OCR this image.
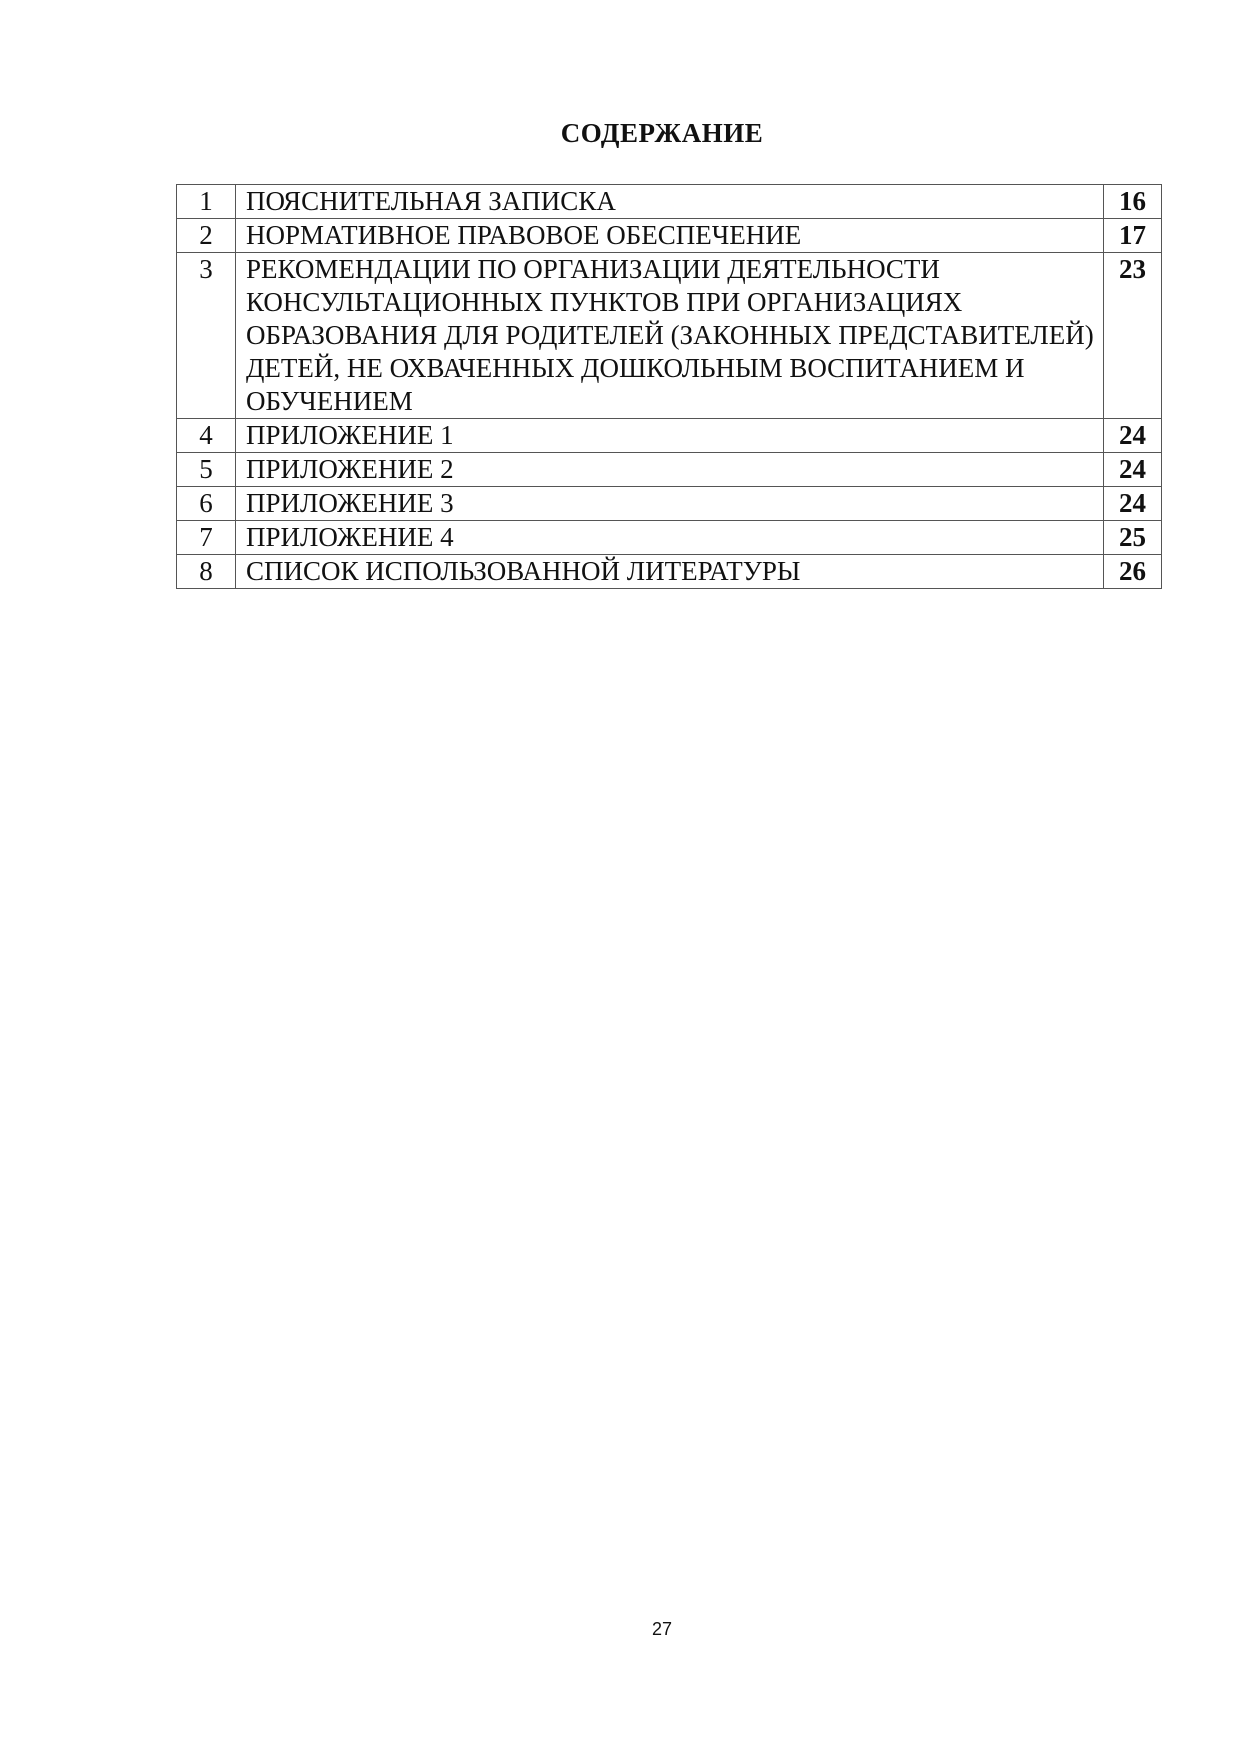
СОДЕРЖАНИЕ
1	ПОЯСНИТЕЛЬНАЯ ЗАПИСКА	16
2	НОРМАТИВНОЕ ПРАВОВОЕ ОБЕСПЕЧЕНИЕ	17
3	РЕКОМЕНДАЦИИ ПО ОРГАНИЗАЦИИ ДЕЯТЕЛЬНОСТИ КОНСУЛЬТАЦИОННЫХ ПУНКТОВ ПРИ ОРГАНИЗАЦИЯХ ОБРАЗОВАНИЯ ДЛЯ РОДИТЕЛЕЙ (ЗАКОННЫХ ПРЕДСТАВИТЕЛЕЙ) ДЕТЕЙ, НЕ ОХВАЧЕННЫХ ДОШКОЛЬНЫМ ВОСПИТАНИЕМ И ОБУЧЕНИЕМ	23
4	ПРИЛОЖЕНИЕ 1	24
5	ПРИЛОЖЕНИЕ 2	24
6	ПРИЛОЖЕНИЕ 3	24
7	ПРИЛОЖЕНИЕ 4	25
8	СПИСОК ИСПОЛЬЗОВАННОЙ ЛИТЕРАТУРЫ	26
27
